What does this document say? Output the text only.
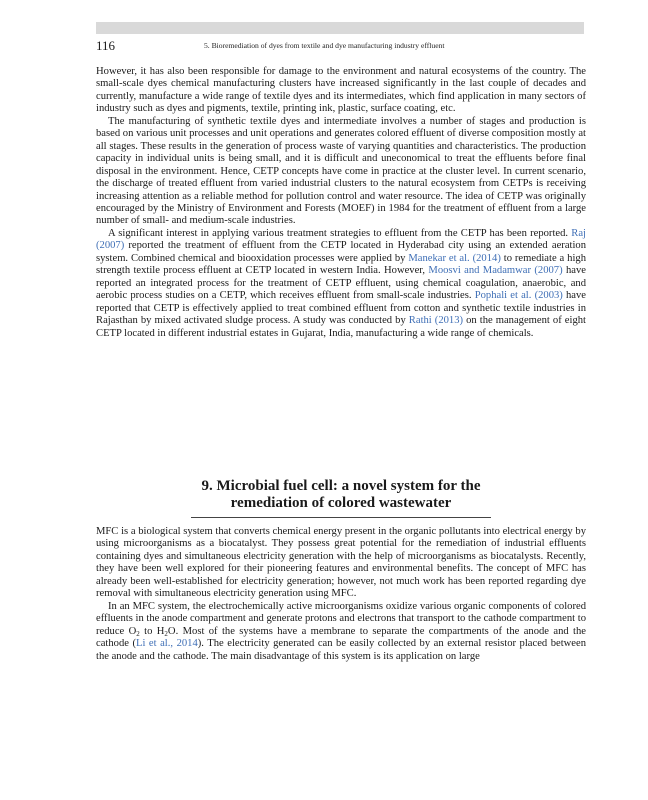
116	5. Bioremediation of dyes from textile and dye manufacturing industry effluent

However, it has also been responsible for damage to the environment and natural ecosystems of the country. The small-scale dyes chemical manufacturing clusters have increased significantly in the last couple of decades and currently, manufacture a wide range of textile dyes and its intermediates, which find application in many sectors of industry such as dyes and pigments, textile, printing ink, plastic, surface coating, etc.

The manufacturing of synthetic textile dyes and intermediate involves a number of stages and production is based on various unit processes and unit operations and generates colored effluent of diverse composition mostly at all stages. These results in the generation of process waste of varying quantities and characteristics. The production capacity in individual units is being small, and it is difficult and uneconomical to treat the effluents before final disposal in the environment. Hence, CETP concepts have come in practice at the cluster level. In current scenario, the discharge of treated effluent from varied industrial clusters to the natural ecosystem from CETPs is receiving increasing attention as a reliable method for pollution control and water resource. The idea of CETP was originally encouraged by the Ministry of Environment and Forests (MOEF) in 1984 for the treatment of effluent from a large number of small- and medium-scale industries.

A significant interest in applying various treatment strategies to effluent from the CETP has been reported. Raj (2007) reported the treatment of effluent from the CETP located in Hyderabad city using an extended aeration system. Combined chemical and biooxidation processes were applied by Manekar et al. (2014) to remediate a high strength textile process effluent at CETP located in western India. However, Moosvi and Madamwar (2007) have reported an integrated process for the treatment of CETP effluent, using chemical coagulation, anaerobic, and aerobic process studies on a CETP, which receives effluent from small-scale industries. Pophali et al. (2003) have reported that CETP is effectively applied to treat combined effluent from cotton and synthetic textile industries in Rajasthan by mixed activated sludge process. A study was conducted by Rathi (2013) on the management of eight CETP located in different industrial estates in Gujarat, India, manufacturing a wide range of chemicals.

9. Microbial fuel cell: a novel system for the
remediation of colored wastewater

MFC is a biological system that converts chemical energy present in the organic pollutants into electrical energy by using microorganisms as a biocatalyst. They possess great potential for the remediation of industrial effluents containing dyes and simultaneous electricity generation with the help of microorganisms as biocatalysts. Recently, they have been well explored for their pioneering features and environmental benefits. The concept of MFC has already been well-established for electricity generation; however, not much work has been reported regarding dye removal with simultaneous electricity generation using MFC.

In an MFC system, the electrochemically active microorganisms oxidize various organic components of colored effluents in the anode compartment and generate protons and electrons that transport to the cathode compartment to reduce $O_2$ to $H_2O$. Most of the systems have a membrane to separate the compartments of the anode and the cathode (Li et al., 2014). The electricity generated can be easily collected by an external resistor placed between the anode and the cathode. The main disadvantage of this system is its application on large
